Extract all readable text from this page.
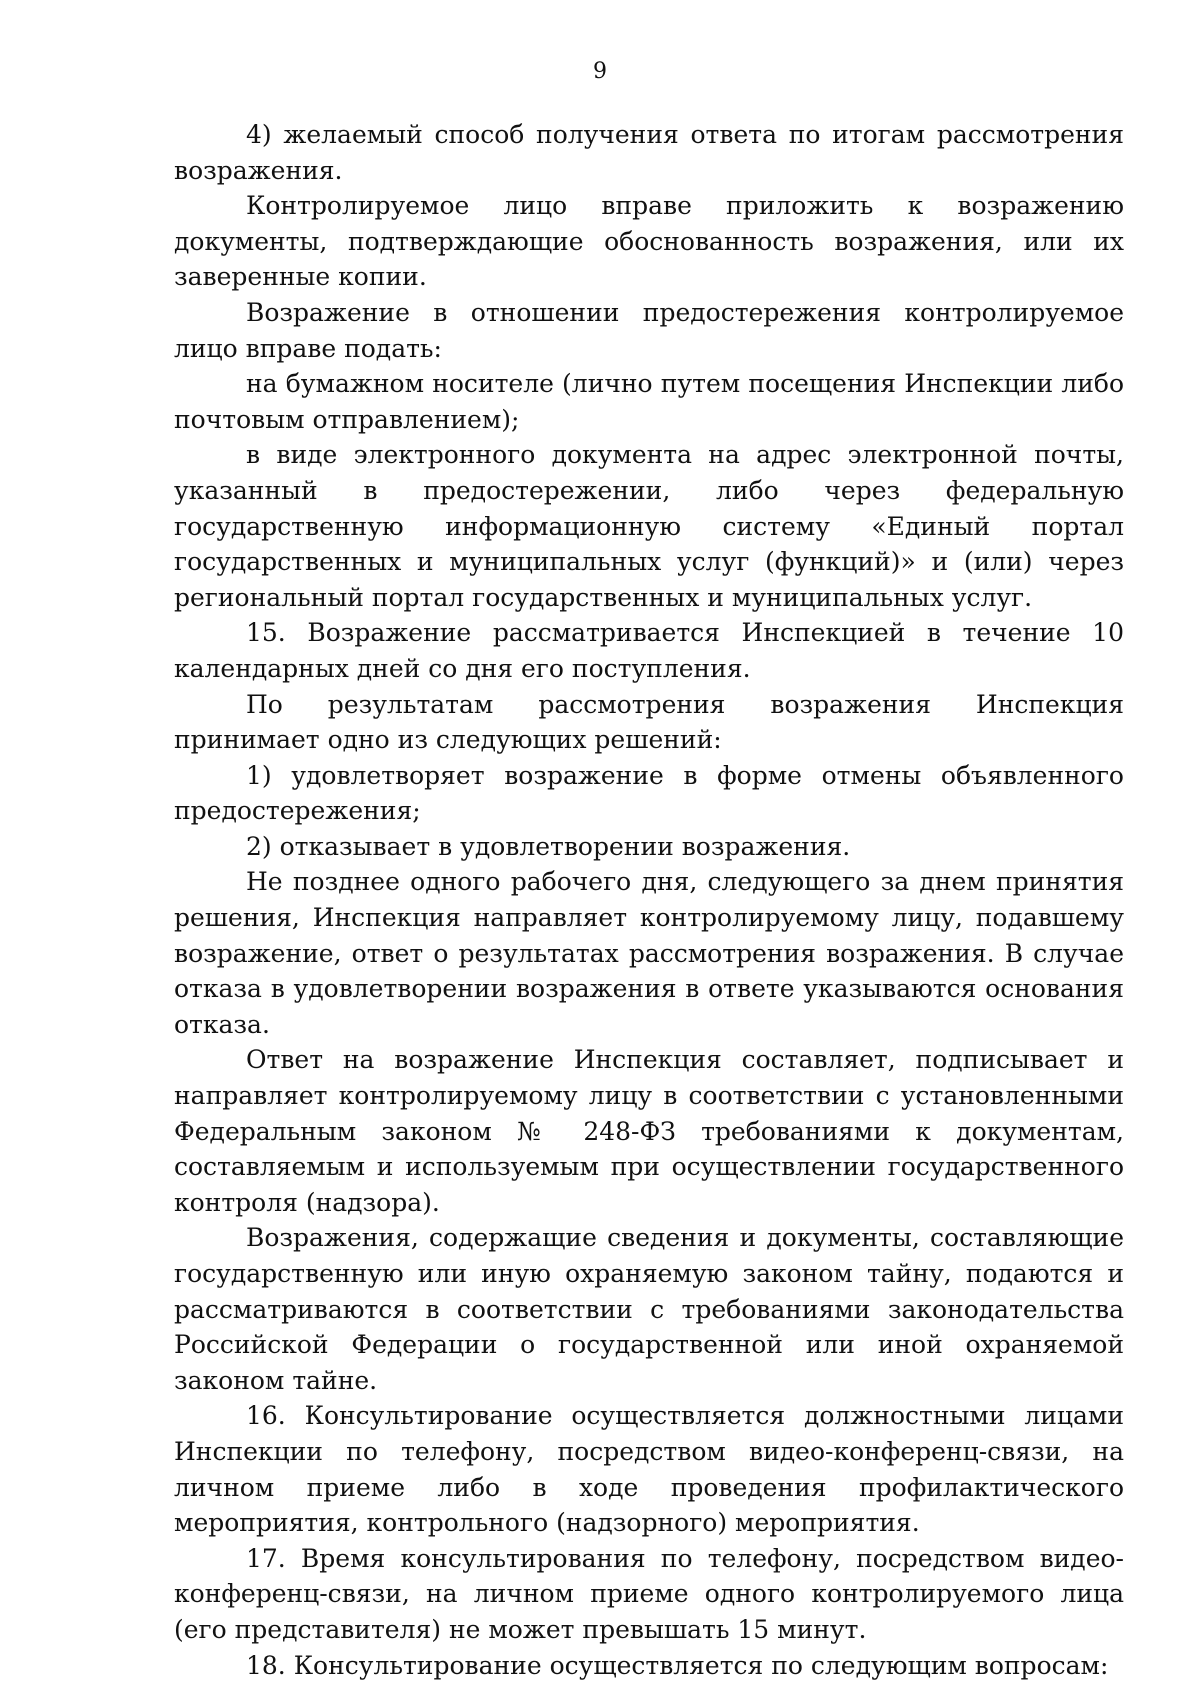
9

4) желаемый способ получения ответа по итогам рассмотрения возражения.

Контролируемое лицо вправе приложить к возражению документы, подтверждающие обоснованность возражения, или их заверенные копии.

Возражение в отношении предостережения контролируемое лицо вправе подать:

на бумажном носителе (лично путем посещения Инспекции либо почтовым отправлением);

в виде электронного документа на адрес электронной почты, указанный в предостережении, либо через федеральную государственную информационную систему «Единый портал государственных и муниципальных услуг (функций)» и (или) через региональный портал государственных и муниципальных услуг.

15. Возражение рассматривается Инспекцией в течение 10 календарных дней со дня его поступления.

По результатам рассмотрения возражения Инспекция принимает одно из следующих решений:

1) удовлетворяет возражение в форме отмены объявленного предостережения;

2) отказывает в удовлетворении возражения.

Не позднее одного рабочего дня, следующего за днем принятия решения, Инспекция направляет контролируемому лицу, подавшему возражение, ответ о результатах рассмотрения возражения. В случае отказа в удовлетворении возражения в ответе указываются основания отказа.

Ответ на возражение Инспекция составляет, подписывает и направляет контролируемому лицу в соответствии с установленными Федеральным законом № 248-ФЗ требованиями к документам, составляемым и используемым при осуществлении государственного контроля (надзора).

Возражения, содержащие сведения и документы, составляющие государственную или иную охраняемую законом тайну, подаются и рассматриваются в соответствии с требованиями законодательства Российской Федерации о государственной или иной охраняемой законом тайне.

16. Консультирование осуществляется должностными лицами Инспекции по телефону, посредством видео-конференц-связи, на личном приеме либо в ходе проведения профилактического мероприятия, контрольного (надзорного) мероприятия.

17. Время консультирования по телефону, посредством видео-конференц-связи, на личном приеме одного контролируемого лица (его представителя) не может превышать 15 минут.

18. Консультирование осуществляется по следующим вопросам:
